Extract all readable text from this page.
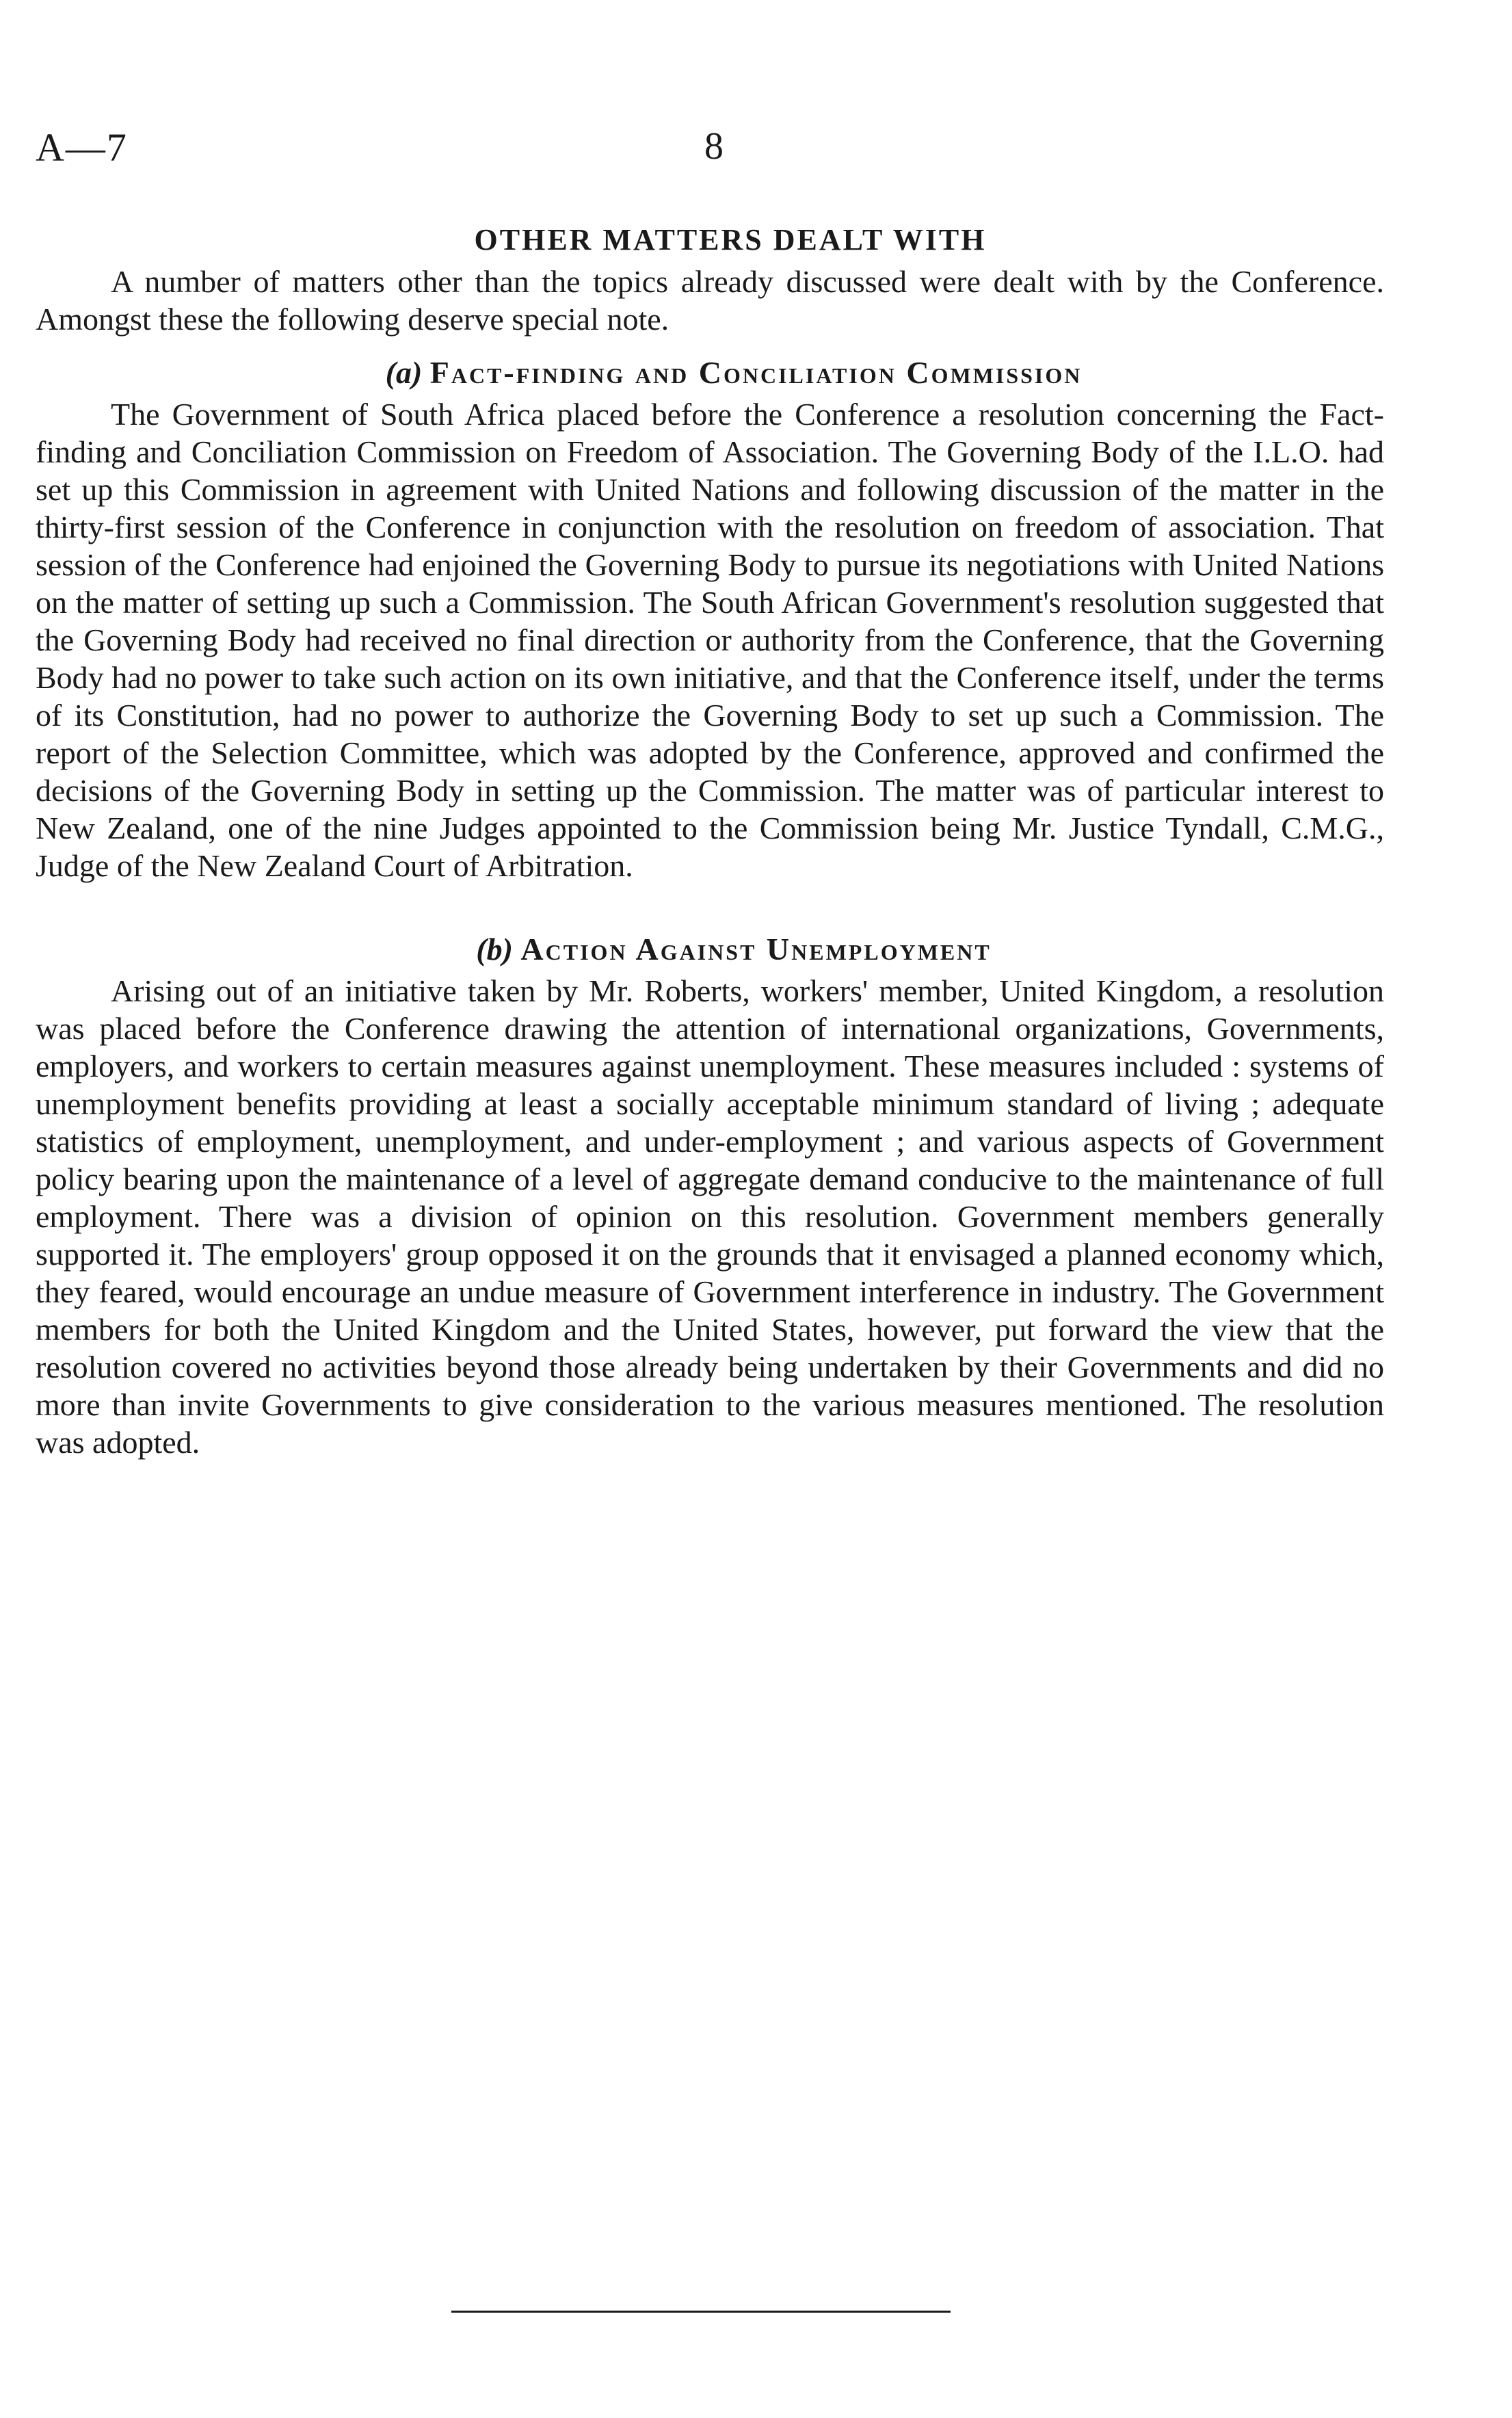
A—7	8
OTHER MATTERS DEALT WITH

A number of matters other than the topics already discussed were dealt with by the Conference. Amongst these the following deserve special note.

(a) Fact-finding and Conciliation Commission

The Government of South Africa placed before the Conference a resolution concerning the Fact-finding and Conciliation Commission on Freedom of Association. The Governing Body of the I.L.O. had set up this Commission in agreement with United Nations and following discussion of the matter in the thirty-first session of the Conference in conjunction with the resolution on freedom of association. That session of the Conference had enjoined the Governing Body to pursue its negotiations with United Nations on the matter of setting up such a Commission. The South African Government's resolution suggested that the Governing Body had received no final direction or authority from the Conference, that the Governing Body had no power to take such action on its own initiative, and that the Conference itself, under the terms of its Constitution, had no power to authorize the Governing Body to set up such a Commission. The report of the Selection Committee, which was adopted by the Conference, approved and confirmed the decisions of the Governing Body in setting up the Commission. The matter was of particular interest to New Zealand, one of the nine Judges appointed to the Commission being Mr. Justice Tyndall, C.M.G., Judge of the New Zealand Court of Arbitration.

(b) Action Against Unemployment

Arising out of an initiative taken by Mr. Roberts, workers' member, United Kingdom, a resolution was placed before the Conference drawing the attention of international organizations, Governments, employers, and workers to certain measures against unemployment. These measures included : systems of unemployment benefits providing at least a socially acceptable minimum standard of living ; adequate statistics of employment, unemployment, and under-employment ; and various aspects of Government policy bearing upon the maintenance of a level of aggregate demand conducive to the maintenance of full employment. There was a division of opinion on this resolution. Government members generally supported it. The employers' group opposed it on the grounds that it envisaged a planned economy which, they feared, would encourage an undue measure of Government interference in industry. The Government members for both the United Kingdom and the United States, however, put forward the view that the resolution covered no activities beyond those already being undertaken by their Governments and did no more than invite Governments to give consideration to the various measures mentioned. The resolution was adopted.
